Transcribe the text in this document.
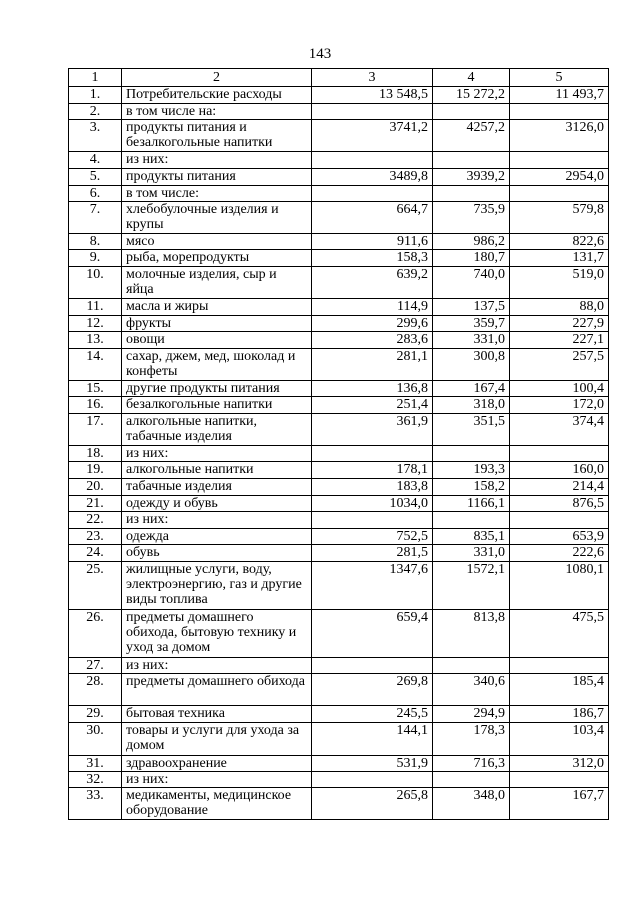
143
1	2	3	4	5
1.	Потребительские расходы	13 548,5	15 272,2	11 493,7
2.	в том числе на:			
3.	продукты питания и безалкогольные напитки	3741,2	4257,2	3126,0
4.	из них:			
5.	продукты питания	3489,8	3939,2	2954,0
6.	в том числе:			
7.	хлебобулочные изделия и крупы	664,7	735,9	579,8
8.	мясо	911,6	986,2	822,6
9.	рыба, морепродукты	158,3	180,7	131,7
10.	молочные изделия, сыр и яйца	639,2	740,0	519,0
11.	масла и жиры	114,9	137,5	88,0
12.	фрукты	299,6	359,7	227,9
13.	овощи	283,6	331,0	227,1
14.	сахар, джем, мед, шоколад и конфеты	281,1	300,8	257,5
15.	другие продукты питания	136,8	167,4	100,4
16.	безалкогольные напитки	251,4	318,0	172,0
17.	алкогольные напитки, табачные изделия	361,9	351,5	374,4
18.	из них:			
19.	алкогольные напитки	178,1	193,3	160,0
20.	табачные изделия	183,8	158,2	214,4
21.	одежду и обувь	1034,0	1166,1	876,5
22.	из них:			
23.	одежда	752,5	835,1	653,9
24.	обувь	281,5	331,0	222,6
25.	жилищные услуги, воду, электроэнергию, газ и другие виды топлива	1347,6	1572,1	1080,1
26.	предметы домашнего обихода, бытовую технику и уход за домом	659,4	813,8	475,5
27.	из них:			
28.	предметы домашнего обихода	269,8	340,6	185,4
29.	бытовая техника	245,5	294,9	186,7
30.	товары и услуги для ухода за домом	144,1	178,3	103,4
31.	здравоохранение	531,9	716,3	312,0
32.	из них:			
33.	медикаменты, медицинское оборудование	265,8	348,0	167,7
